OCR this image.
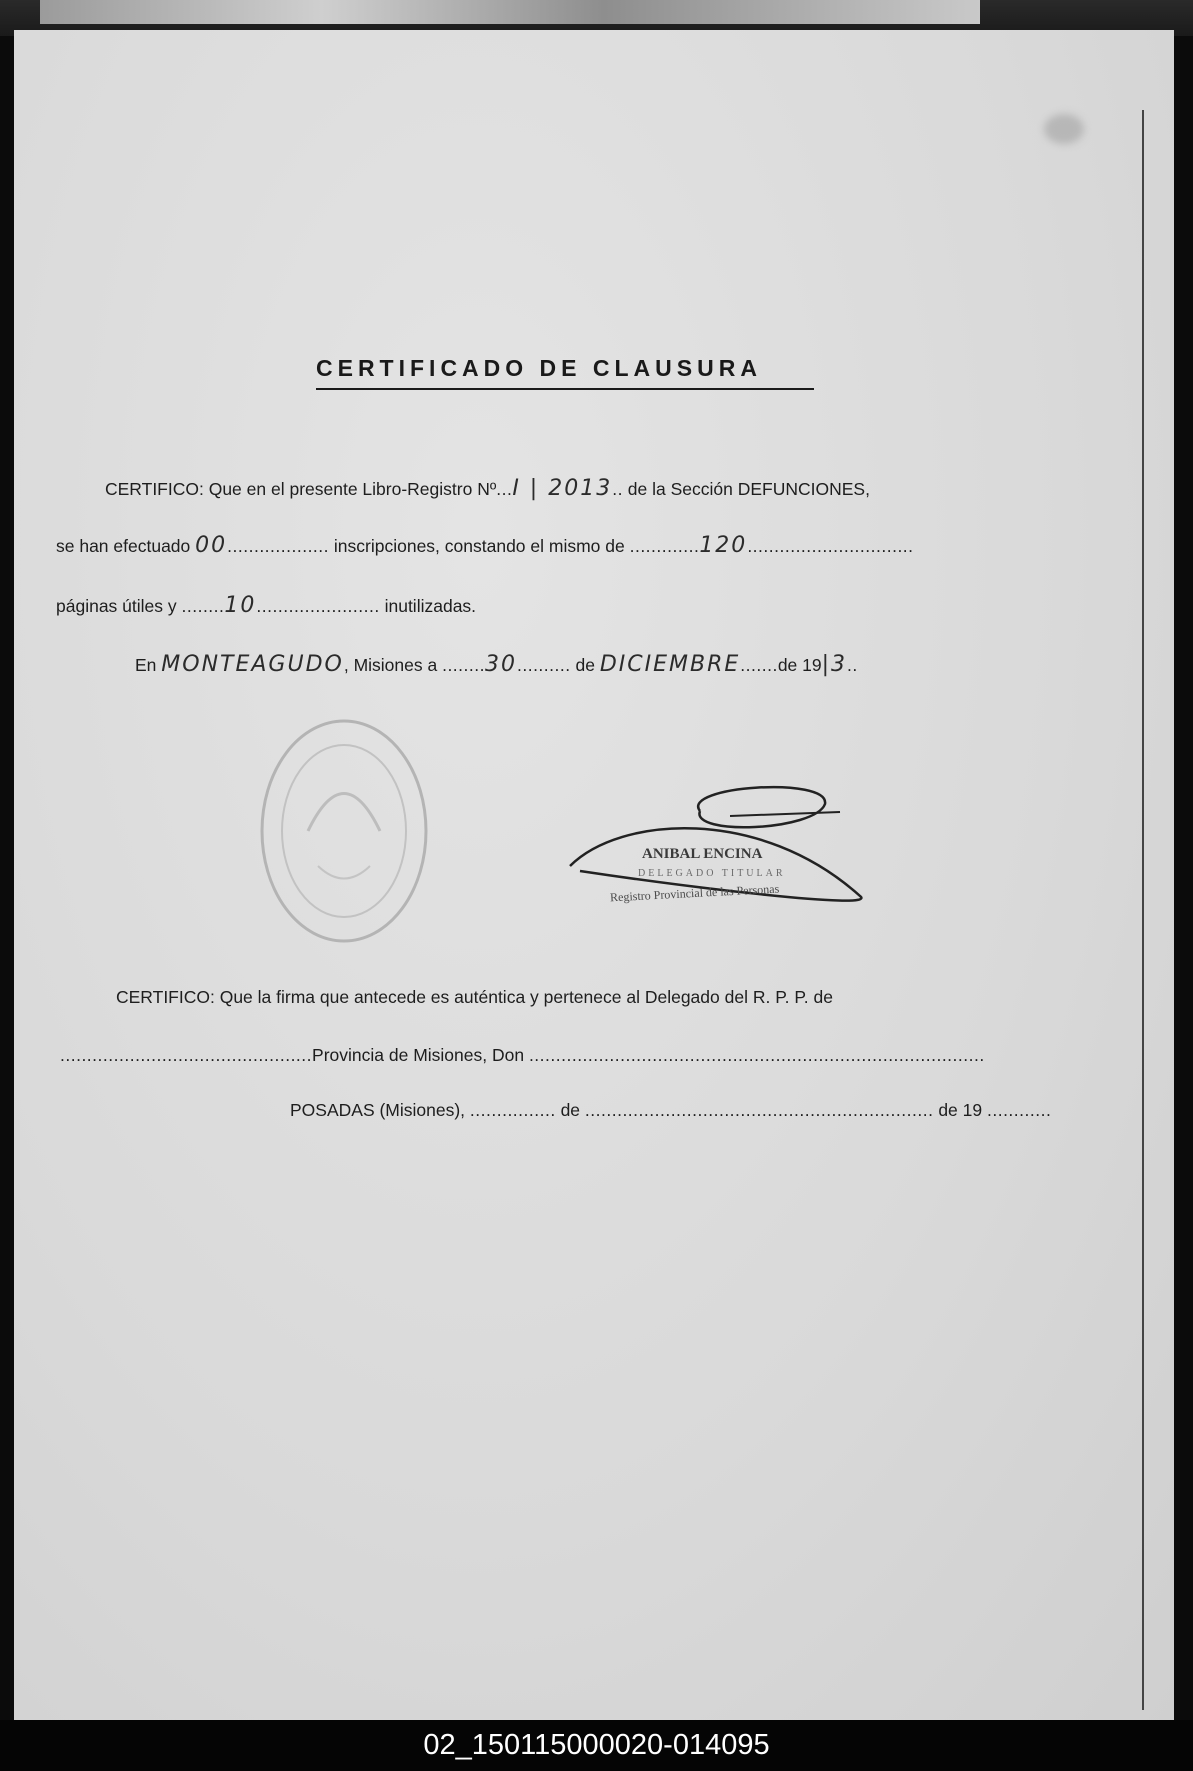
CERTIFICADO DE CLAUSURA
CERTIFICO: Que en el presente Libro-Registro Nº...I | 2013.. de la Sección DEFUNCIONES,
se han efectuado 00................... inscripciones, constando el mismo de .............120...............................
páginas útiles y ........10....................... inutilizadas.
En MONTEAGUDO, Misiones a ........30.......... de DICIEMBRE.......de 19|3..
ANIBAL ENCINA
DELEGADO TITULAR
Registro Provincial de las Personas
CERTIFICO: Que la firma que antecede es auténtica y pertenece al Delegado del R. P. P. de
...............................................Provincia de Misiones, Don .....................................................................................
POSADAS (Misiones), ................ de ................................................................. de 19 ............
02_150115000020-014095
